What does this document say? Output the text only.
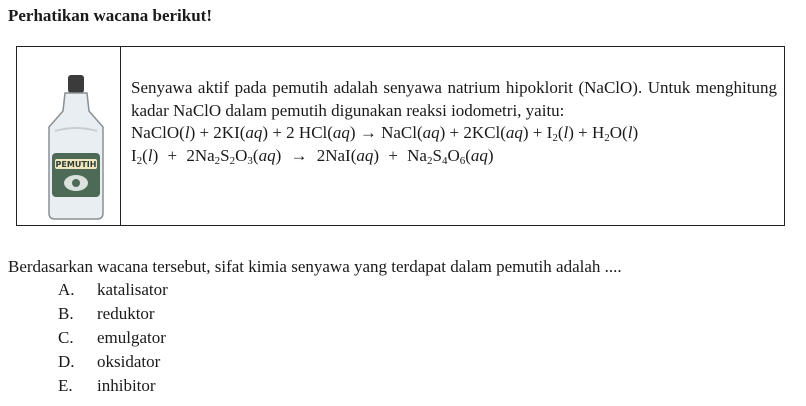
Perhatikan wacana berikut!
PEMUTIH

Senyawa aktif pada pemutih adalah senyawa natrium hipoklorit (NaClO). Untuk menghitung kadar NaClO dalam pemutih digunakan reaksi iodometri, yaitu:

NaClO(l) + 2KI(aq) + 2 HCl(aq) → NaCl(aq) + $2KCl(aq) + I_2(l) + H_2O(l)$
$I_2(l) + 2Na_2S_2O_3(aq) \to 2NaI(aq) + Na_2S_4O_6(aq)$
Berdasarkan wacana tersebut, sifat kimia senyawa yang terdapat dalam pemutih adalah ....
A.	katalisator
B.	reduktor
C.	emulgator
D.	oksidator
E.	inhibitor
